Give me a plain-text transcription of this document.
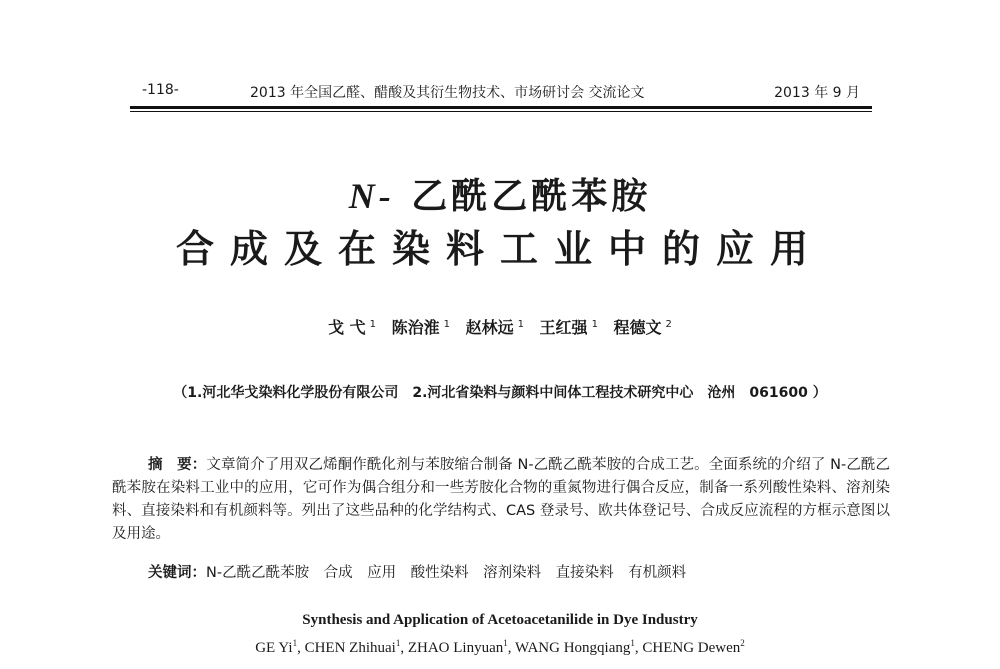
-118-	2013 年全国乙醛、醋酸及其衍生物技术、市场研讨会 交流论文	2013 年 9 月
N- 乙酰乙酰苯胺
合成及在染料工业中的应用
戈 弋 $^1$ 陈治淮 $^1$ 赵林远 $^1$ 王红强 $^1$ 程德文 $^2$
（1.河北华戈染料化学股份有限公司　2.河北省染料与颜料中间体工程技术研究中心　沧州　061600 ）

摘　要：文章简介了用双乙烯酮作酰化剂与苯胺缩合制备 N-乙酰乙酰苯胺的合成工艺。全面系统的介绍了 N-乙酰乙酰苯胺在染料工业中的应用，它可作为偶合组分和一些芳胺化合物的重氮物进行偶合反应，制备一系列酸性染料、溶剂染料、直接染料和有机颜料等。列出了这些品种的化学结构式、CAS 登录号、欧共体登记号、合成反应流程的方框示意图以及用途。

关键词：N-乙酰乙酰苯胺　合成　应用　酸性染料　溶剂染料　直接染料　有机颜料
Synthesis and Application of Acetoacetanilide in Dye Industry
GE Yi$^1$, CHEN Zhihuai$^1$, ZHAO Linyuan$^1$, WANG Hongqiang$^1$, CHENG Dewen$^2$
